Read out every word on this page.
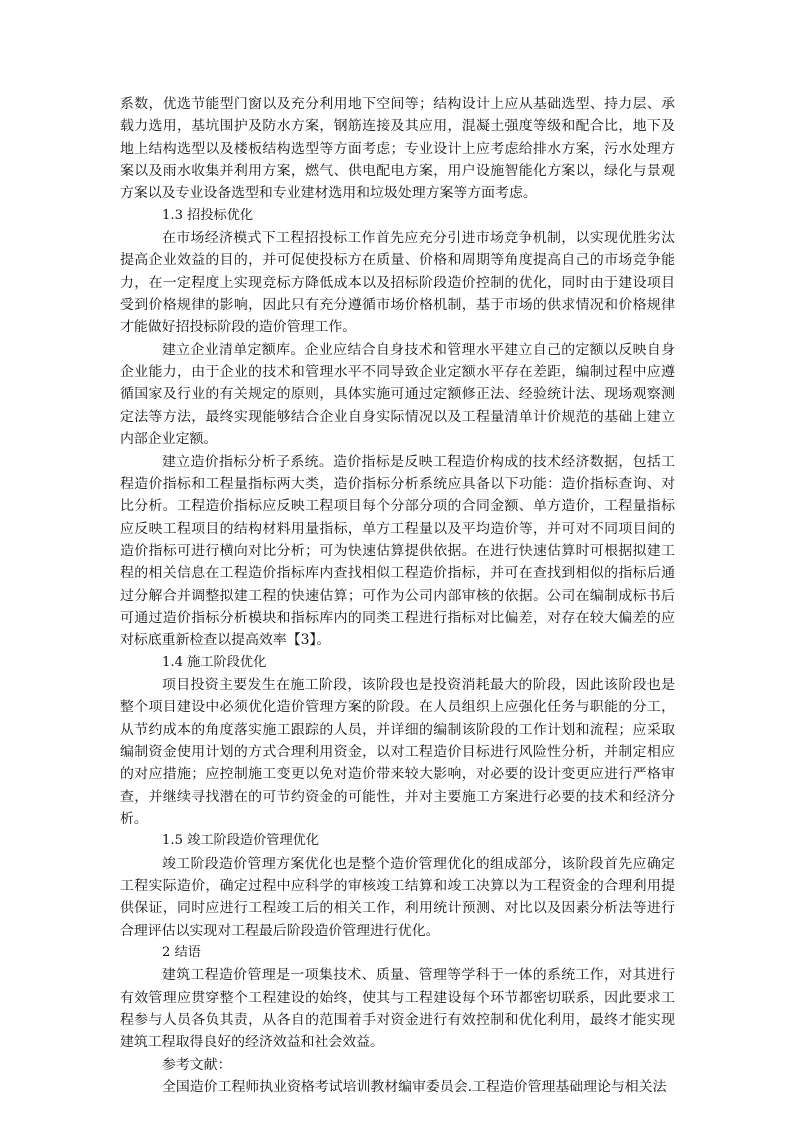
系数，优选节能型门窗以及充分利用地下空间等；结构设计上应从基础选型、持力层、承载力选用，基坑围护及防水方案，钢筋连接及其应用，混凝土强度等级和配合比，地下及地上结构选型以及楼板结构选型等方面考虑；专业设计上应考虑给排水方案，污水处理方案以及雨水收集并利用方案，燃气、供电配电方案，用户设施智能化方案以，绿化与景观方案以及专业设备选型和专业建材选用和垃圾处理方案等方面考虑。

1.3 招投标优化

在市场经济模式下工程招投标工作首先应充分引进市场竞争机制，以实现优胜劣汰提高企业效益的目的，并可促使投标方在质量、价格和周期等角度提高自己的市场竞争能力，在一定程度上实现竞标方降低成本以及招标阶段造价控制的优化，同时由于建设项目受到价格规律的影响，因此只有充分遵循市场价格机制，基于市场的供求情况和价格规律才能做好招投标阶段的造价管理工作。

建立企业清单定额库。企业应结合自身技术和管理水平建立自己的定额以反映自身企业能力，由于企业的技术和管理水平不同导致企业定额水平存在差距，编制过程中应遵循国家及行业的有关规定的原则，具体实施可通过定额修正法、经验统计法、现场观察测定法等方法，最终实现能够结合企业自身实际情况以及工程量清单计价规范的基础上建立内部企业定额。

建立造价指标分析子系统。造价指标是反映工程造价构成的技术经济数据，包括工程造价指标和工程量指标两大类，造价指标分析系统应具备以下功能：造价指标查询、对比分析。工程造价指标应反映工程项目每个分部分项的合同金额、单方造价，工程量指标应反映工程项目的结构材料用量指标，单方工程量以及平均造价等，并可对不同项目间的造价指标可进行横向对比分析；可为快速估算提供依据。在进行快速估算时可根据拟建工程的相关信息在工程造价指标库内查找相似工程造价指标，并可在查找到相似的指标后通过分解合并调整拟建工程的快速估算；可作为公司内部审核的依据。公司在编制成标书后可通过造价指标分析模块和指标库内的同类工程进行指标对比偏差，对存在较大偏差的应对标底重新检查以提高效率【3】。

1.4 施工阶段优化

项目投资主要发生在施工阶段，该阶段也是投资消耗最大的阶段，因此该阶段也是整个项目建设中必须优化造价管理方案的阶段。在人员组织上应强化任务与职能的分工，从节约成本的角度落实施工跟踪的人员，并详细的编制该阶段的工作计划和流程；应采取编制资金使用计划的方式合理利用资金，以对工程造价目标进行风险性分析，并制定相应的对应措施；应控制施工变更以免对造价带来较大影响，对必要的设计变更应进行严格审查，并继续寻找潜在的可节约资金的可能性，并对主要施工方案进行必要的技术和经济分析。

1.5 竣工阶段造价管理优化

竣工阶段造价管理方案优化也是整个造价管理优化的组成部分，该阶段首先应确定工程实际造价，确定过程中应科学的审核竣工结算和竣工决算以为工程资金的合理利用提供保证，同时应进行工程竣工后的相关工作，利用统计预测、对比以及因素分析法等进行合理评估以实现对工程最后阶段造价管理进行优化。

2 结语

建筑工程造价管理是一项集技术、质量、管理等学科于一体的系统工作，对其进行有效管理应贯穿整个工程建设的始终，使其与工程建设每个环节都密切联系，因此要求工程参与人员各负其责，从各自的范围着手对资金进行有效控制和优化利用，最终才能实现建筑工程取得良好的经济效益和社会效益。

参考文献：

全国造价工程师执业资格考试培训教材编审委员会.工程造价管理基础理论与相关法
